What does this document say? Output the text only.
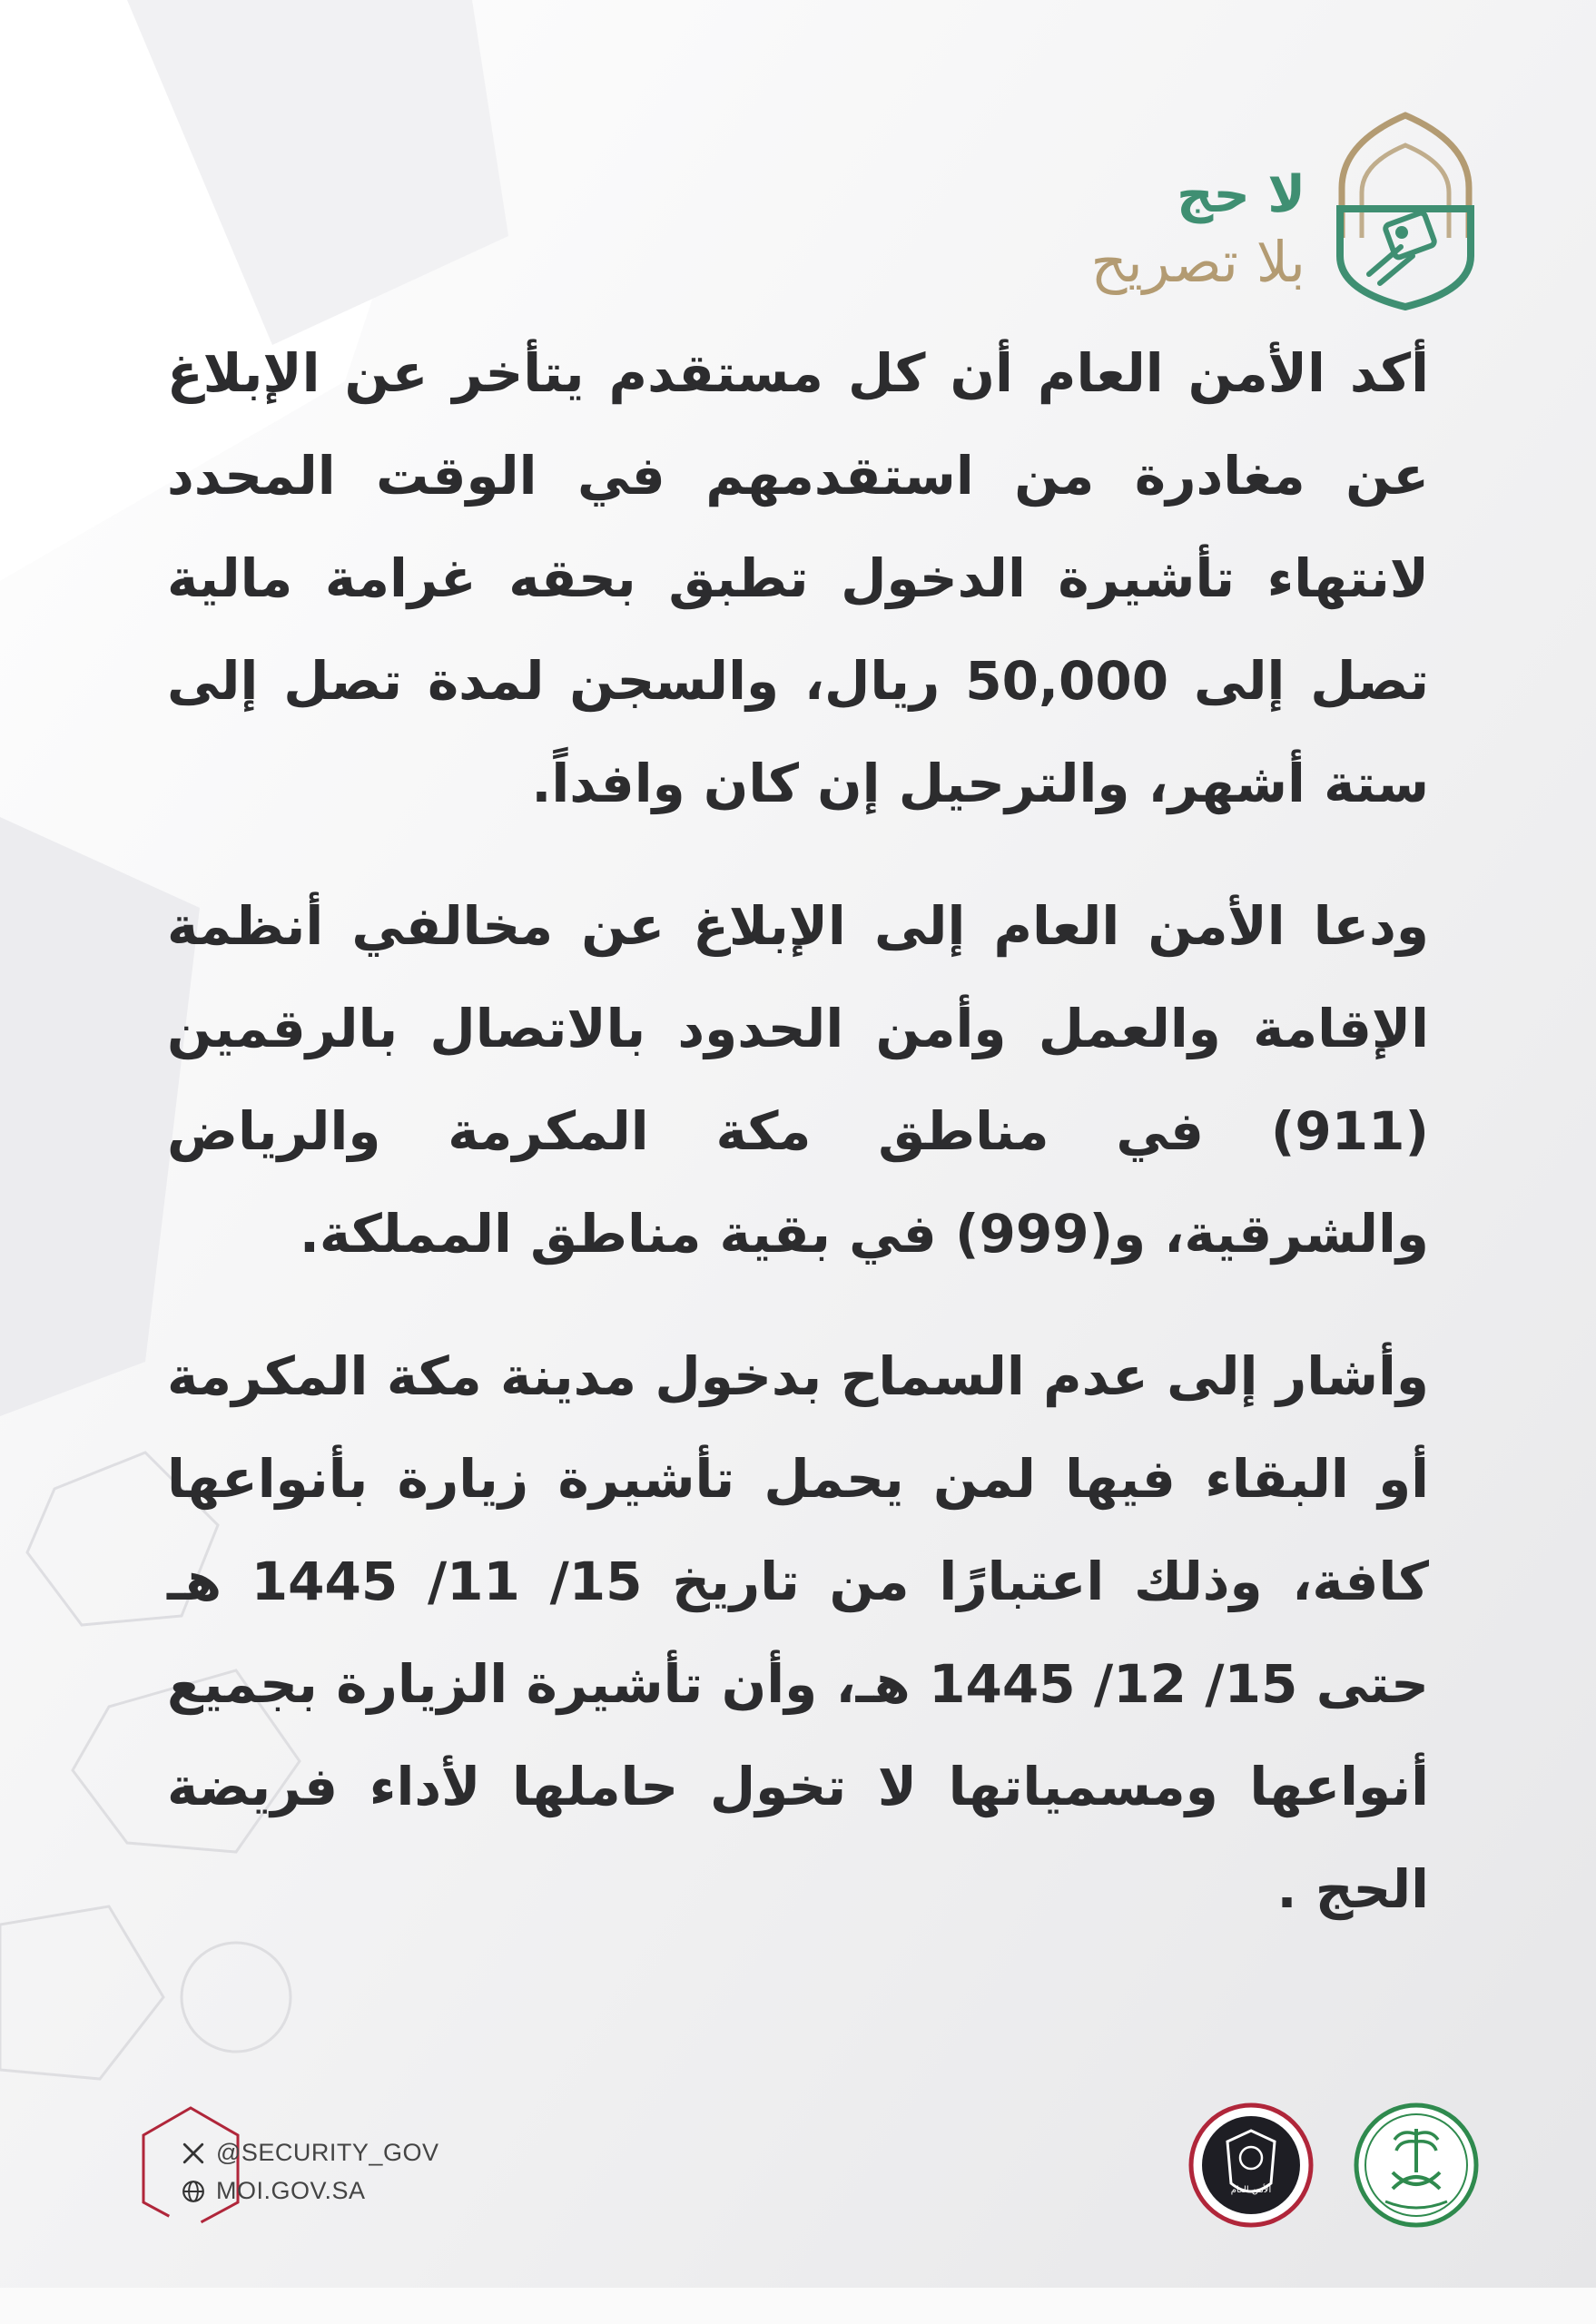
لا حج
بلا تصريح

أكد الأمن العام أن كل مستقدم يتأخر عن الإبلاغ عن مغادرة من استقدمهم في الوقت المحدد لانتهاء تأشيرة الدخول تطبق بحقه غرامة مالية تصل إلى 50,000 ريال، والسجن لمدة تصل إلى ستة أشهر، والترحيل إن كان وافداً.

ودعا الأمن العام إلى الإبلاغ عن مخالفي أنظمة الإقامة والعمل وأمن الحدود بالاتصال بالرقمين (911) في مناطق مكة المكرمة والرياض والشرقية، و(999) في بقية مناطق المملكة.

وأشار إلى عدم السماح بدخول مدينة مكة المكرمة أو البقاء فيها لمن يحمل تأشيرة زيارة بأنواعها كافة، وذلك اعتبارًا من تاريخ 15/ 11/ 1445 هـ حتى 15/ 12/ 1445 هـ، وأن تأشيرة الزيارة بجميع أنواعها ومسمياتها لا تخول حاملها لأداء فريضة الحج .

@SECURITY_GOV
MOI.GOV.SA	الأمن العام
